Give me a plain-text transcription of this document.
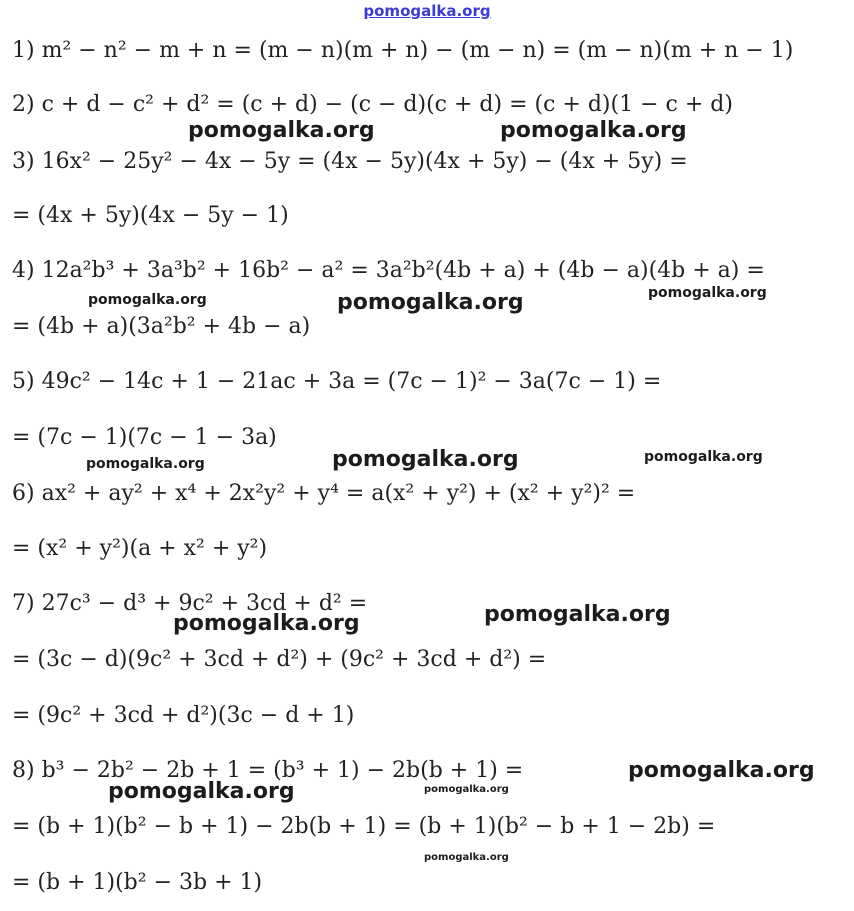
pomogalka.org
1) m² − n² − m + n = (m − n)(m + n) − (m − n) = (m − n)(m + n − 1)
2) c + d − c² + d² = (c + d) − (c − d)(c + d) = (c + d)(1 − c + d)
3) 16x² − 25y² − 4x − 5y = (4x − 5y)(4x + 5y) − (4x + 5y) =
= (4x + 5y)(4x − 5y − 1)
4) 12a²b³ + 3a³b² + 16b² − a² = 3a²b²(4b + a) + (4b − a)(4b + a) =
= (4b + a)(3a²b² + 4b − a)
5) 49c² − 14c + 1 − 21ac + 3a = (7c − 1)² − 3a(7c − 1) =
= (7c − 1)(7c − 1 − 3a)
6) ax² + ay² + x⁴ + 2x²y² + y⁴ = a(x² + y²) + (x² + y²)² =
= (x² + y²)(a + x² + y²)
7) 27c³ − d³ + 9c² + 3cd + d² =
= (3c − d)(9c² + 3cd + d²) + (9c² + 3cd + d²) =
= (9c² + 3cd + d²)(3c − d + 1)
8) b³ − 2b² − 2b + 1 = (b³ + 1) − 2b(b + 1) =
= (b + 1)(b² − b + 1) − 2b(b + 1) = (b + 1)(b² − b + 1 − 2b) =
= (b + 1)(b² − 3b + 1)
pomogalka.org	pomogalka.org
pomogalka.org	pomogalka.org	pomogalka.org
pomogalka.org	pomogalka.org	pomogalka.org
pomogalka.org
pomogalka.org
pomogalka.org
pomogalka.org	pomogalka.org
pomogalka.org
